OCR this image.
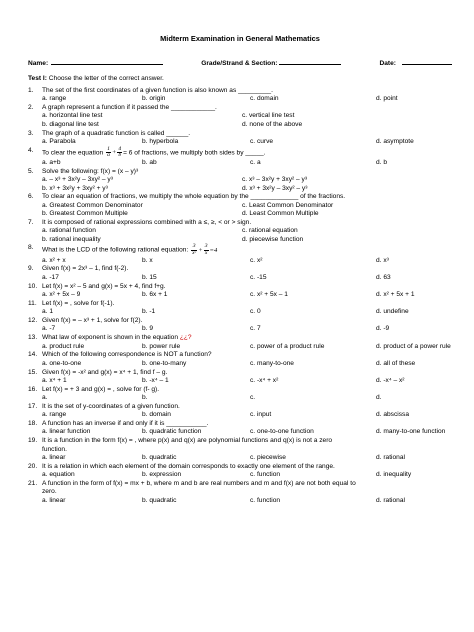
Midterm Examination in General Mathematics
Name:	Grade/Strand & Section:	Date:
Test I: Choose the letter of the correct answer.
1.	The set of the first coordinates of a given function is also known as _________.
a. range	b. origin	c. domain	d. point
2.	A graph represent a function if it passed the ____________.
a. horizontal line test	c. vertical line test
b. diagonal line test	d. none of the above
3.	The graph of a quadratic function is called ______.
a. Parabola	b. hyperbola	c. curve	d. asymptote
4.	To clear the equation $\frac{1}{a} + \frac{4}{b} = 6$ of fractions, we multiply both sides by _____.
a. a+b	b. ab	c. a	d. b
5.	Solve the following: f(x) = (x – y)³
a. – x³ + 3x²y – 3xy² – y³	c. x³ – 3x²y + 3xy² – y³
b. x³ + 3x²y + 3xy² + y³	d. x³ + 3x²y – 3xy² – y³
6.	To clear an equation of fractions, we multiply the whole equation by the _____________ of the fractions.
a. Greatest Common Denominator	c. Least Common Denominator
b. Greatest Common Multiple	d. Least Common Multiple
7.	It is composed of rational expressions combined with a ≤, ≥, < or > sign.
a. rational function	c. rational equation
b. rational inequality	d. piecewise function
8.	What is the LCD of the following rational equation: $\frac{3}{\text{x²}} + \frac{3}{x} =4$
a. x² + x	b. x	c. x²	d. x³
9.	Given f(x) = 2x³ – 1, find f(-2).
a. -17	b. 15	c. -15	d. 63
10. Let f(x) = x² – 5 and g(x) = 5x + 4, find f+g.
a. x² + 5x – 9	b. 6x + 1	c. x² + 5x – 1	d. x² + 5x + 1
11. Let f(x) = , solve for f(-1).
a. 1	b. -1	c. 0	d. undefine
12. Given f(x) = – x³ + 1, solve for f(2).
a. -7	b. 9	c. 7	d. -9
13. What law of exponent is shown in the equation ¿¿?
a. product rule	b. power rule	c. power of a product rule	d. product of a power rule
14. Which of the following correspondence is NOT a function?
a. one-to-one	b. one-to-many	c. many-to-one	d. all of these
15. Given f(x) = -x² and g(x) = x⁴ + 1, find f – g.
a. x⁴ + 1	b. -x⁴ – 1	c. -x⁴ + x²	d. -x⁴ – x²
16. Let f(x) = + 3 and g(x) = , solve for (f- g).
a.	b.	c.	d.
17. It is the set of y-coordinates of a given function.
a. range	b. domain	c. input	d. abscissa
18. A function has an inverse if and only if it is ___________.
a. linear function	b. quadratic function	c. one-to-one function	d. many-to-one function
19. It is a function in the form f(x) = , where p(x) and q(x) are polynomial functions and q(x) is not a zero
function.
a. linear	b. quadratic	c. piecewise	d. rational
20. It is a relation in which each element of the domain corresponds to exactly one element of the range.
a. equation	b. expression	c. function	d. inequality
21. A function in the form of f(x) = mx + b, where m and b are real numbers and m and f(x) are not both equal to
zero.
a. linear	b. quadratic	c. function	d. rational
